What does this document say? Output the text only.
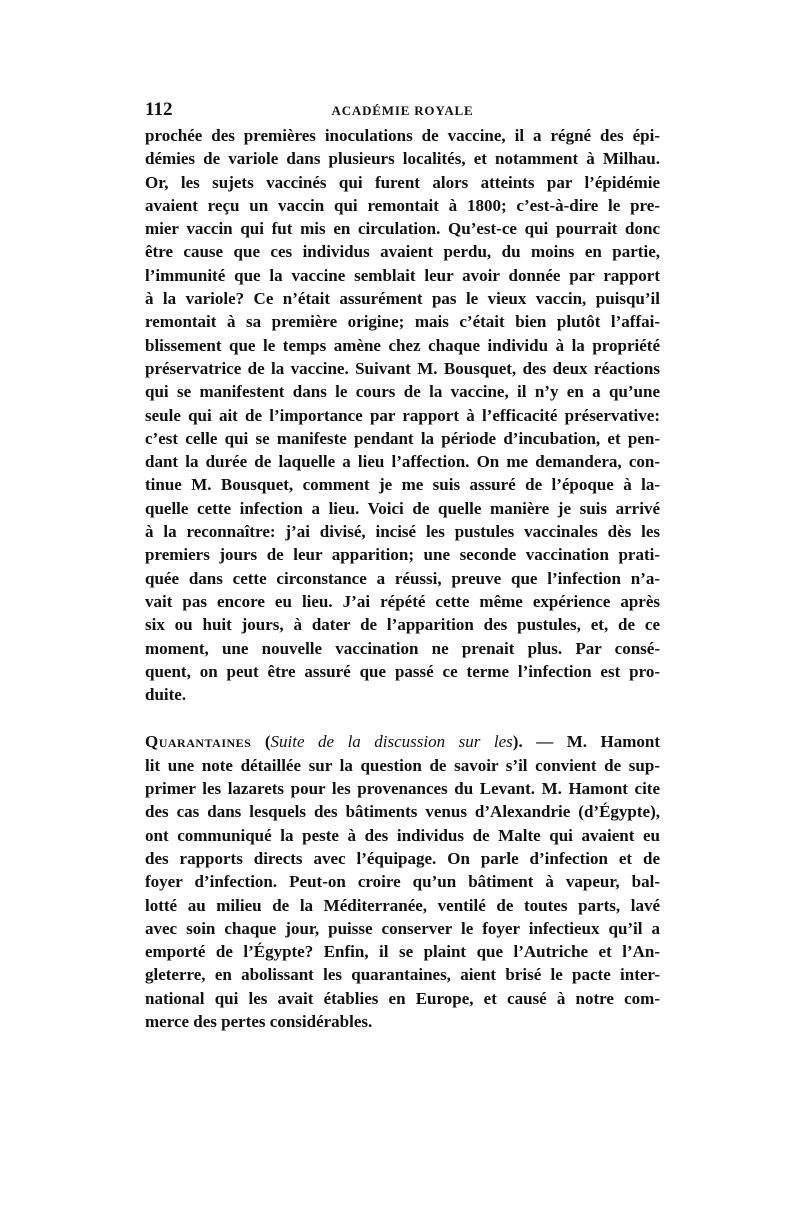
112	ACADÉMIE ROYALE

prochée des premières inoculations de vaccine, il a régné des épi-
démies de variole dans plusieurs localités, et notamment à Milhau.
Or, les sujets vaccinés qui furent alors atteints par l’épidémie
avaient reçu un vaccin qui remontait à 1800; c’est-à-dire le pre-
mier vaccin qui fut mis en circulation. Qu’est-ce qui pourrait donc
être cause que ces individus avaient perdu, du moins en partie,
l’immunité que la vaccine semblait leur avoir donnée par rapport
à la variole? Ce n’était assurément pas le vieux vaccin, puisqu’il
remontait à sa première origine; mais c’était bien plutôt l’affai-
blissement que le temps amène chez chaque individu à la propriété
préservatrice de la vaccine. Suivant M. Bousquet, des deux réactions
qui se manifestent dans le cours de la vaccine, il n’y en a qu’une
seule qui ait de l’importance par rapport à l’efficacité préservative:
c’est celle qui se manifeste pendant la période d’incubation, et pen-
dant la durée de laquelle a lieu l’affection. On me demandera, con-
tinue M. Bousquet, comment je me suis assuré de l’époque à la-
quelle cette infection a lieu. Voici de quelle manière je suis arrivé
à la reconnaître: j’ai divisé, incisé les pustules vaccinales dès les
premiers jours de leur apparition; une seconde vaccination prati-
quée dans cette circonstance a réussi, preuve que l’infection n’a-
vait pas encore eu lieu. J’ai répété cette même expérience après
six ou huit jours, à dater de l’apparition des pustules, et, de ce
moment, une nouvelle vaccination ne prenait plus. Par consé-
quent, on peut être assuré que passé ce terme l’infection est pro-
duite.

Quarantaines (Suite de la discussion sur les). — M. Hamont
lit une note détaillée sur la question de savoir s’il convient de sup-
primer les lazarets pour les provenances du Levant. M. Hamont cite
des cas dans lesquels des bâtiments venus d’Alexandrie (d’Égypte),
ont communiqué la peste à des individus de Malte qui avaient eu
des rapports directs avec l’équipage. On parle d’infection et de
foyer d’infection. Peut-on croire qu’un bâtiment à vapeur, bal-
lotté au milieu de la Méditerranée, ventilé de toutes parts, lavé
avec soin chaque jour, puisse conserver le foyer infectieux qu’il a
emporté de l’Égypte? Enfin, il se plaint que l’Autriche et l’An-
gleterre, en abolissant les quarantaines, aient brisé le pacte inter-
national qui les avait établies en Europe, et causé à notre com-
merce des pertes considérables.
